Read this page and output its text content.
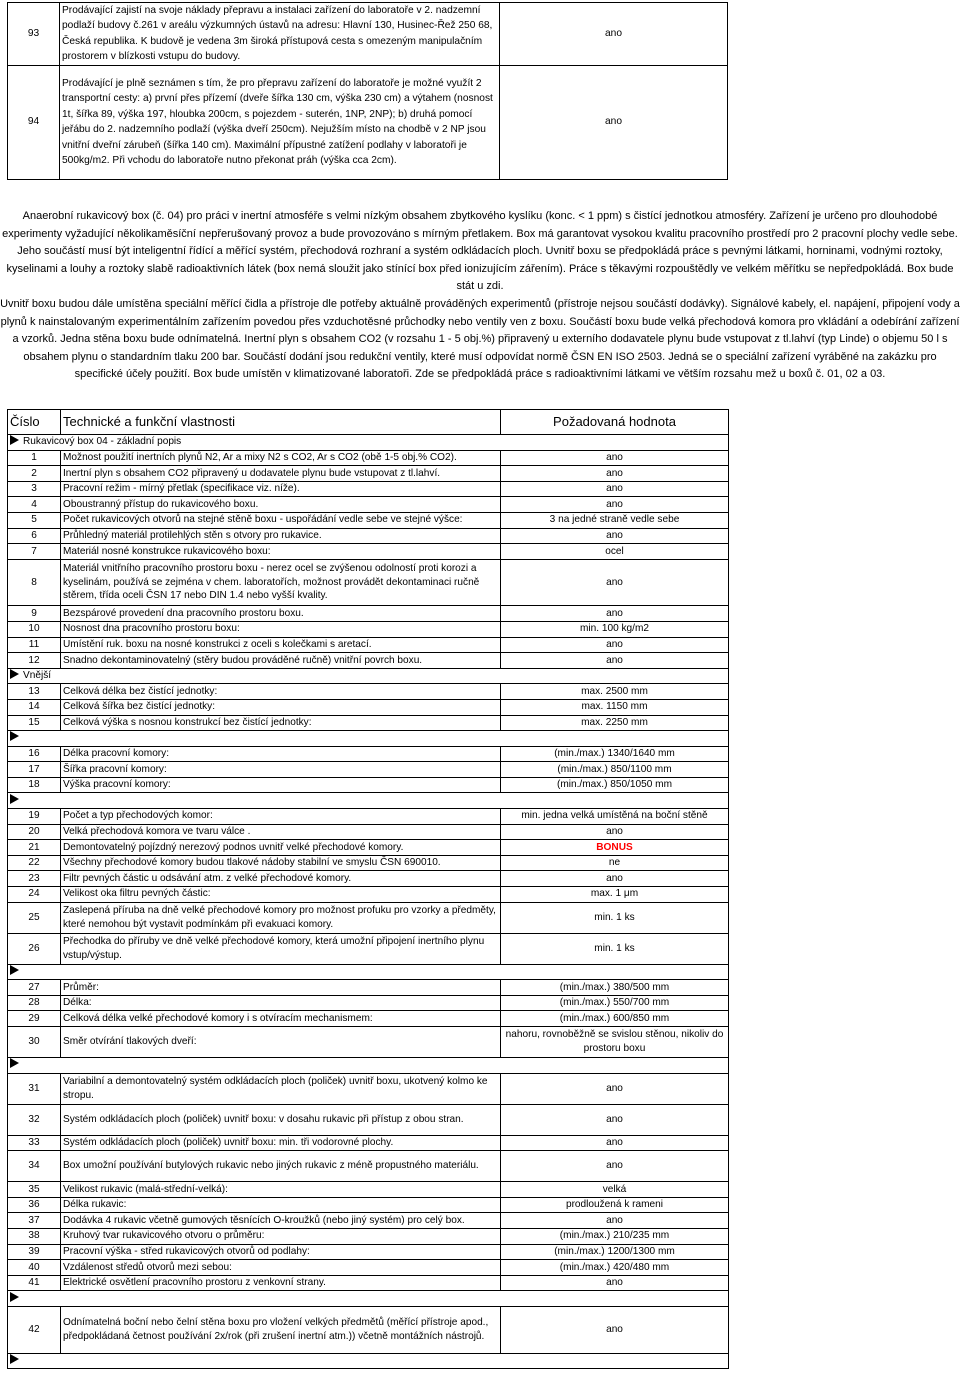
93	Prodávající zajistí na svoje náklady přepravu a instalaci zařízení do laboratoře v 2. nadzemní podlaží budovy č.261 v areálu výzkumných ústavů na adresu: Hlavní 130, Husinec-Řež 250 68, Česká republika. K budově je vedena 3m široká přístupová cesta s omezeným manipulačním prostorem v blízkosti vstupu do budovy.	ano
94	Prodávající je plně seznámen s tím, že pro přepravu zařízení do laboratoře je možné využít 2 transportní cesty: a) první přes přízemí (dveře šířka 130 cm, výška 230 cm) a výtahem (nosnost 1t, šířka 89, výška 197, hloubka 200cm, s pojezdem - suterén, 1NP, 2NP); b) druhá pomocí jeřábu do 2. nadzemního podlaží (výška dveří 250cm). Nejužším místo na chodbě v 2 NP jsou vnitřní dveřní zárubeň (šířka 140 cm). Maximální přípustné zatížení podlahy v laboratoři je 500kg/m2. Při vchodu do laboratoře nutno překonat práh (výška cca 2cm).	ano

Anaerobní rukavicový box (č. 04) pro práci v inertní atmosféře s velmi nízkým obsahem zbytkového kyslíku (konc. < 1 ppm) s čistící jednotkou atmosféry. Zařízení je určeno pro dlouhodobé experimenty vyžadující několikaměsíční nepřerušovaný provoz a bude provozováno s mírným přetlakem. Box má garantovat vysokou kvalitu pracovního prostředí pro 2 pracovní plochy vedle sebe. Jeho součástí musí být inteligentní řídící a měřící systém, přechodová rozhraní a systém odkládacích ploch. Uvnitř boxu se předpokládá práce s pevnými látkami, horninami, vodnými roztoky, kyselinami a louhy a roztoky slabě radioaktivních látek (box nemá sloužit jako stínící box před ionizujícím zářením). Práce s těkavými rozpouštědly ve velkém měřítku se nepředpokládá. Box bude stát u zdi.

Uvnitř boxu budou dále umístěna speciální měřící čidla a přístroje dle potřeby aktuálně prováděných experimentů (přístroje nejsou součástí dodávky). Signálové kabely, el. napájení, připojení vody a plynů k nainstalovaným experimentálním zařízením povedou přes vzduchotěsné průchodky nebo ventily ven z boxu. Součástí boxu bude velká přechodová komora pro vkládání a odebírání zařízení a vzorků. Jedna stěna boxu bude odnímatelná. Inertní plyn s obsahem CO2 (v rozsahu 1 - 5 obj.%) připravený u externího dodavatele plynu bude vstupovat z tl.lahví (typ Linde) o objemu 50 l s obsahem plynu o standardním tlaku 200 bar. Součástí dodání jsou redukční ventily, které musí odpovídat normě ČSN EN ISO 2503. Jedná se o speciální zařízení vyráběné na zakázku pro specifické účely použití. Box bude umístěn v klimatizované laboratoři. Zde se předpokládá práce s radioaktivními látkami ve větším rozsahu mež u boxů č. 01, 02 a 03.

Číslo	Technické a funkční vlastnosti	Požadovaná hodnota
Rukavicový box 04 - základní popis		
1	Možnost použití inertních plynů N2, Ar a mixy N2 s CO2, Ar s CO2 (obě 1-5 obj.% CO2).	ano
2	Inertní plyn s obsahem CO2 připravený u dodavatele plynu bude vstupovat z tl.lahví.	ano
3	Pracovní režim - mírný přetlak (specifikace viz. níže).	ano
4	Oboustranný přístup do rukavicového boxu.	ano
5	Počet rukavicových otvorů na stejné stěně boxu - uspořádání vedle sebe ve stejné výšce:	3 na jedné straně vedle sebe
6	Průhledný materiál protilehlých stěn s otvory pro rukavice.	ano
7	Materiál nosné konstrukce rukavicového boxu:	ocel
8	Materiál vnitřního pracovního prostoru boxu - nerez ocel se zvýšenou odolností proti korozi a kyselinám, používá se zejména v chem. laboratořích, možnost provádět dekontaminaci ručně stěrem, třída oceli ČSN 17 nebo DIN 1.4 nebo vyšší kvality.	ano
9	Bezspárové provedení dna pracovního prostoru boxu.	ano
10	Nosnost dna pracovního prostoru boxu:	min. 100 kg/m2
11	Umístění ruk. boxu na nosné konstrukci z oceli s kolečkami s aretací.	ano
12	Snadno dekontaminovatelný (stěry budou prováděné ručně) vnitřní povrch boxu.	ano
Vnější		
13	Celková délka bez čistící jednotky:	max. 2500 mm
14	Celková šířka bez čistící jednotky:	max. 1150 mm
15	Celková výška s nosnou konstrukcí bez čistící jednotky:	max. 2250 mm

16	Délka pracovní komory:	(min./max.) 1340/1640 mm
17	Šířka pracovní komory:	(min./max.) 850/1100 mm
18	Výška pracovní komory:	(min./max.) 850/1050 mm

19	Počet a typ přechodových komor:	min. jedna velká umístěná na boční stěně
20	Velká přechodová komora ve tvaru válce .	ano
21	Demontovatelný pojízdný nerezový podnos uvnitř velké přechodové komory.	BONUS
22	Všechny přechodové komory budou tlakové nádoby stabilní ve smyslu ČSN 690010.	ne
23	Filtr pevných částic u odsávání atm. z velké přechodové komory.	ano
24	Velikost oka filtru pevných částic:	max. 1 μm
25	Zaslepená příruba na dně velké přechodové komory pro možnost profuku pro vzorky a předměty, které nemohou být vystavit podmínkám při evakuaci komory.	min. 1 ks
26	Přechodka do příruby ve dně velké přechodové komory, která umožní připojení inertního plynu vstup/výstup.	min. 1 ks

27	Průměr:	(min./max.) 380/500 mm
28	Délka:	(min./max.) 550/700 mm
29	Celková délka velké přechodové komory i s otvíracím mechanismem:	(min./max.) 600/850 mm
30	Směr otvírání tlakových dveří:	nahoru, rovnoběžně se svislou stěnou, nikoliv do prostoru boxu

31	Variabilní a demontovatelný systém odkládacích ploch (poliček) uvnitř boxu, ukotvený kolmo ke stropu.	ano
32	Systém odkládacích ploch (poliček) uvnitř boxu: v dosahu rukavic při přístup z obou stran.	ano
33	Systém odkládacích ploch (poliček) uvnitř boxu: min. tři vodorovné plochy.	ano
34	Box umožní používání butylových rukavic nebo jiných rukavic z méně propustného materiálu.	ano
35	Velikost rukavic (malá-střední-velká):	velká
36	Délka rukavic:	prodloužená k rameni
37	Dodávka 4 rukavic včetně gumových těsnících O-kroužků (nebo jiný systém) pro celý box.	ano
38	Kruhový tvar rukavicového otvoru o průměru:	(min./max.) 210/235 mm
39	Pracovní výška - střed rukavicových otvorů od podlahy:	(min./max.) 1200/1300 mm
40	Vzdálenost středů otvorů mezi sebou:	(min./max.) 420/480 mm
41	Elektrické osvětlení pracovního prostoru z venkovní strany.	ano

42	Odnímatelná boční nebo čelní stěna boxu pro vložení velkých předmětů (měřící přístroje apod., předpokládaná četnost používání 2x/rok (při zrušení inertní atm.)) včetně montážních nástrojů.	ano
